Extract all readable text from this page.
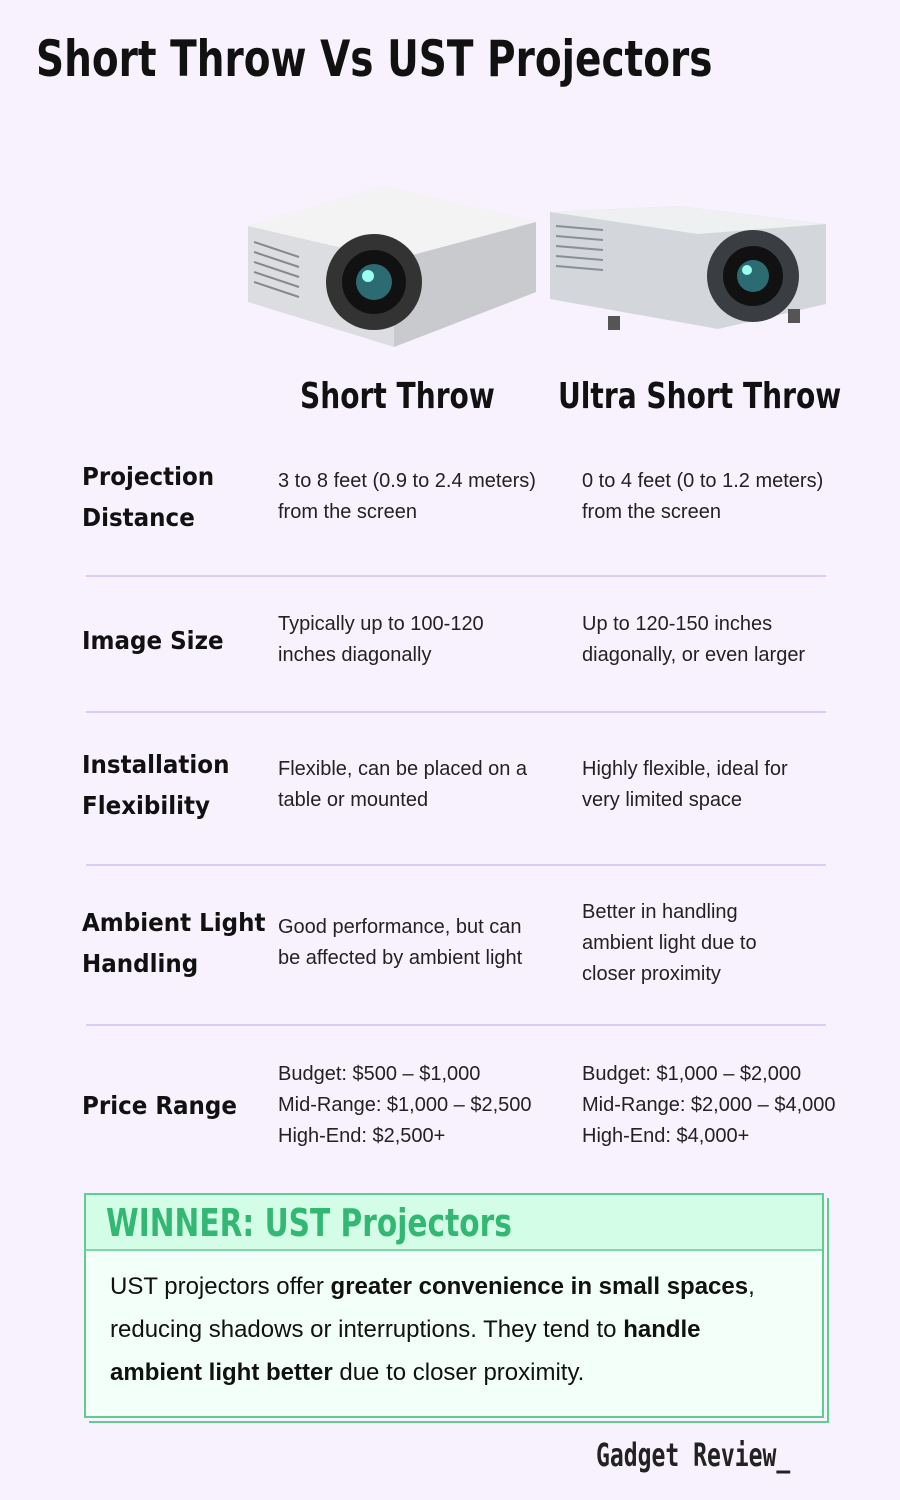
Short Throw Vs UST Projectors
Short Throw Ultra Short Throw
Projection
Distance

3 to 8 feet (0.9 to 2.4 meters)
from the screen

0 to 4 feet (0 to 1.2 meters)
from the screen

Image Size

Typically up to 100-120
inches diagonally

Up to 120-150 inches
diagonally, or even larger

Installation
Flexibility

Flexible, can be placed on a
table or mounted

Highly flexible, ideal for
very limited space

Ambient Light
Handling

Good performance, but can
be affected by ambient light

Better in handling
ambient light due to
closer proximity

Price Range

Budget: $500 – $1,000
Mid-Range: $1,000 – $2,500
High-End: $2,500+

Budget: $1,000 – $2,000
Mid-Range: $2,000 – $4,000
High-End: $4,000+

WINNER: UST Projectors
UST projectors offer greater convenience in small spaces, reducing shadows or interruptions. They tend to handle ambient light better due to closer proximity.
Gadget Review_
